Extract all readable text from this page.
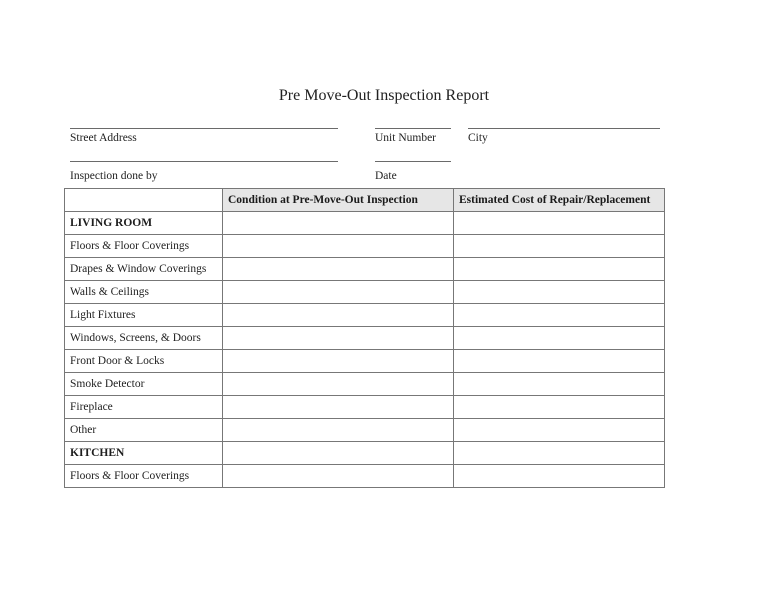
Pre Move-Out Inspection Report
Street Address	Unit Number	City
Inspection done by	Date
	Condition at Pre-Move-Out Inspection	Estimated Cost of Repair/Replacement
LIVING ROOM		
Floors & Floor Coverings		
Drapes & Window Coverings		
Walls & Ceilings		
Light Fixtures		
Windows, Screens, & Doors		
Front Door & Locks		
Smoke Detector		
Fireplace		
Other		
KITCHEN		
Floors & Floor Coverings		
